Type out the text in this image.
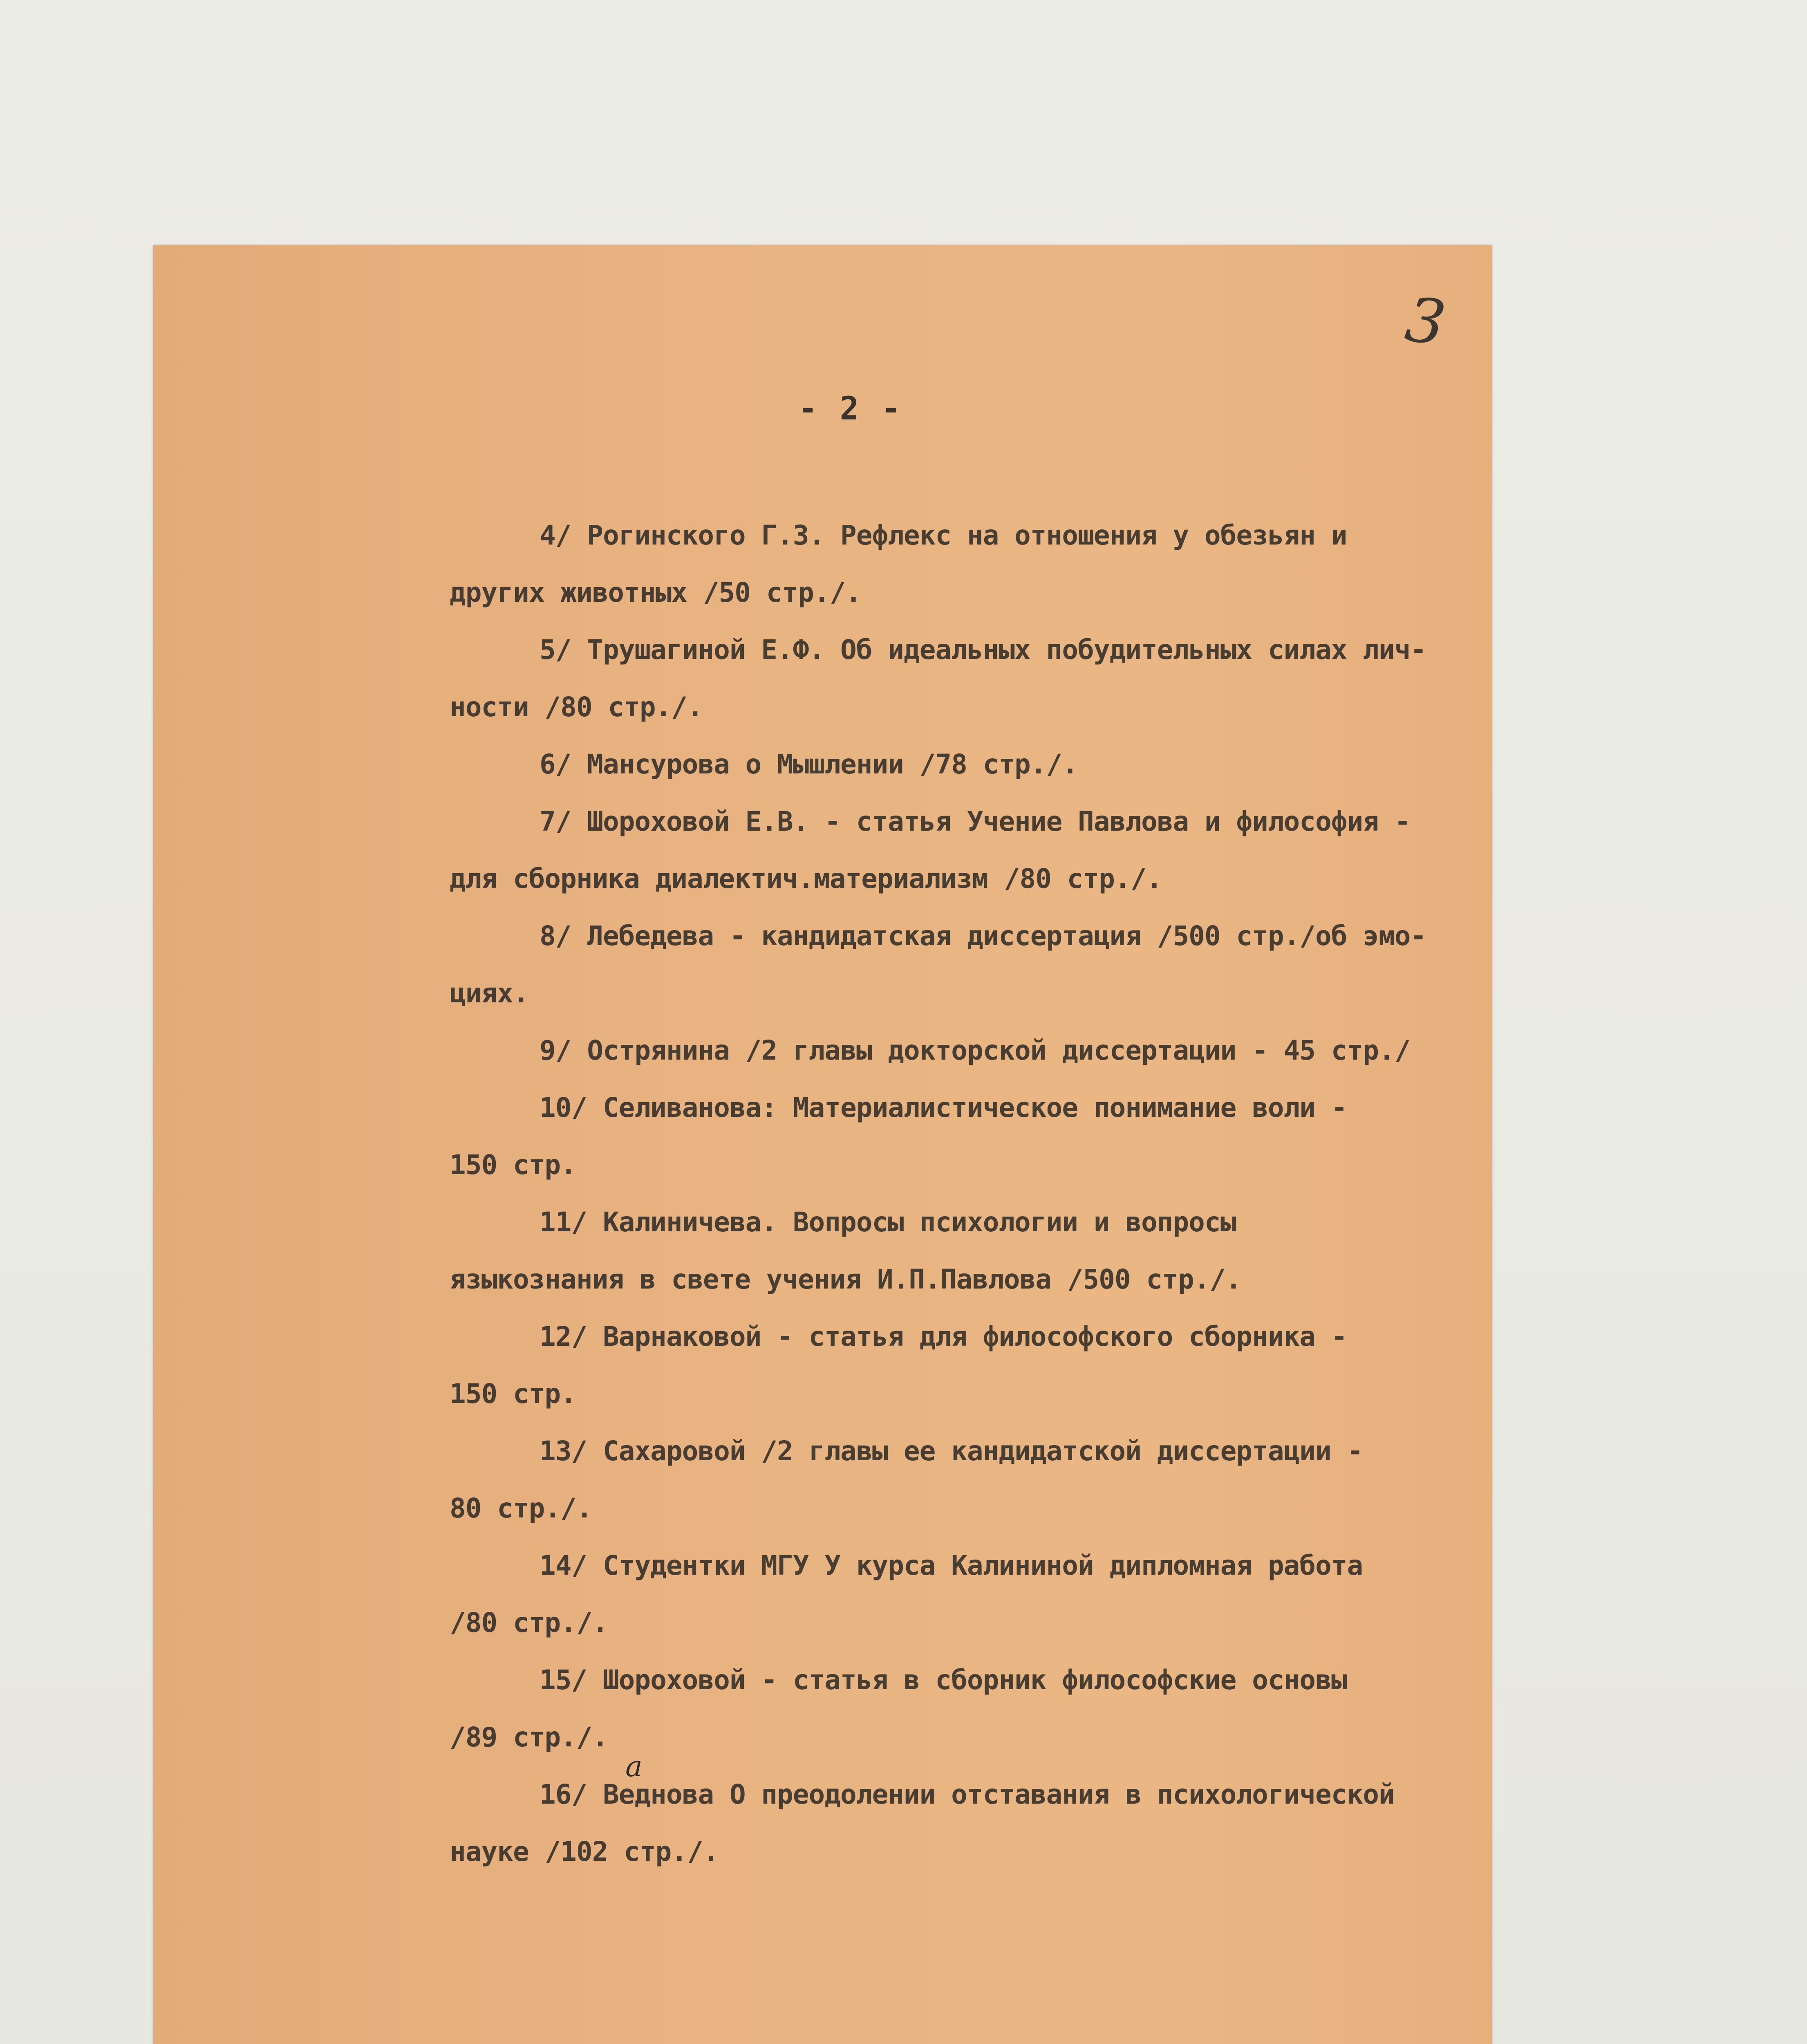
3
- 2 -
4/ Рогинского Г.З. Рефлекс на отношения у обезьян и
других животных /50 стр./.
5/ Трушагиной Е.Ф. Об идеальных побудительных силах лич-
ности /80 стр./.
6/ Мансурова о Мышлении /78 стр./.
7/ Шороховой Е.В. - статья Учение Павлова и философия -
для сборника диалектич.материализм /80 стр./.
8/ Лебедева - кандидатская диссертация /500 стр./об эмо-
циях.
9/ Острянина /2 главы докторской диссертации - 45 стр./
10/ Селиванова: Материалистическое понимание воли -
150 стр.
11/ Калиничева. Вопросы психологии и вопросы
языкознания в свете учения И.П.Павлова /500 стр./.
12/ Варнаковой - статья для философского сборника -
150 стр.
13/ Сахаровой /2 главы ее кандидатской диссертации -
80 стр./.
14/ Студентки МГУ У курса Калининой дипломная работа
/80 стр./.
15/ Шороховой - статья в сборник философские основы
/89 стр./.
а
16/ Веднова О преодолении отставания в психологической
науке /102 стр./.
